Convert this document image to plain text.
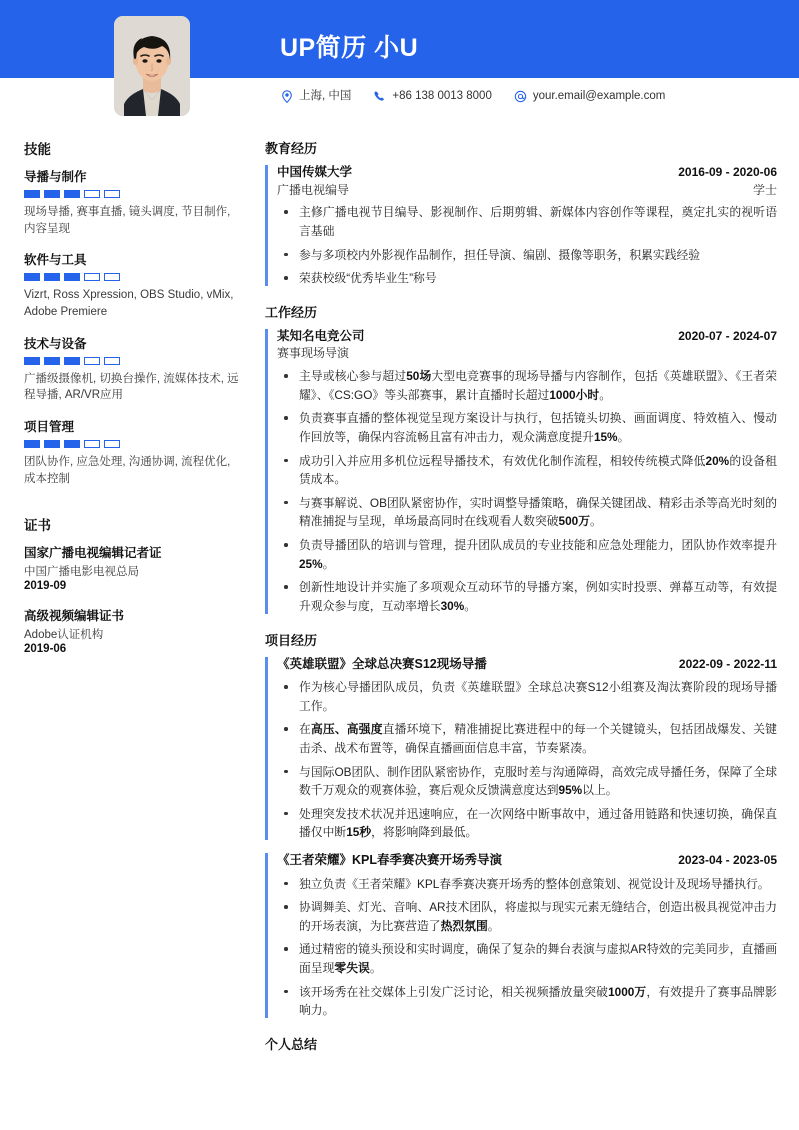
UP简历 小U
上海, 中国	+86 138 0013 8000	your.email@example.com
技能
导播与制作
现场导播, 赛事直播, 镜头调度, 节目制作, 内容呈现
软件与工具
Vizrt, Ross Xpression, OBS Studio, vMix, Adobe Premiere
技术与设备
广播级摄像机, 切换台操作, 流媒体技术, 远程导播, AR/VR应用
项目管理
团队协作, 应急处理, 沟通协调, 流程优化, 成本控制
证书
国家广播电视编辑记者证
中国广播电影电视总局
2019-09
高级视频编辑证书
Adobe认证机构
2019-06
教育经历
中国传媒大学	2016-09 - 2020-06
广播电视编导	学士
主修广播电视节目编导、影视制作、后期剪辑、新媒体内容创作等课程，奠定扎实的视听语言基础
参与多项校内外影视作品制作，担任导演、编剧、摄像等职务，积累实践经验
荣获校级“优秀毕业生”称号
工作经历
某知名电竞公司	2020-07 - 2024-07
赛事现场导演
主导或核心参与超过50场大型电竞赛事的现场导播与内容制作，包括《英雄联盟》、《王者荣耀》、《CS:GO》等头部赛事，累计直播时长超过1000小时。
负责赛事直播的整体视觉呈现方案设计与执行，包括镜头切换、画面调度、特效植入、慢动作回放等，确保内容流畅且富有冲击力，观众满意度提升15%。
成功引入并应用多机位远程导播技术，有效优化制作流程，相较传统模式降低20%的设备租赁成本。
与赛事解说、OB团队紧密协作，实时调整导播策略，确保关键团战、精彩击杀等高光时刻的精准捕捉与呈现，单场最高同时在线观看人数突破500万。
负责导播团队的培训与管理，提升团队成员的专业技能和应急处理能力，团队协作效率提升25%。
创新性地设计并实施了多项观众互动环节的导播方案，例如实时投票、弹幕互动等，有效提升观众参与度，互动率增长30%。
项目经历
《英雄联盟》全球总决赛S12现场导播	2022-09 - 2022-11
作为核心导播团队成员，负责《英雄联盟》全球总决赛S12小组赛及淘汰赛阶段的现场导播工作。
在高压、高强度直播环境下，精准捕捉比赛进程中的每一个关键镜头，包括团战爆发、关键击杀、战术布置等，确保直播画面信息丰富，节奏紧凑。
与国际OB团队、制作团队紧密协作，克服时差与沟通障碍，高效完成导播任务，保障了全球数千万观众的观赛体验，赛后观众反馈满意度达到95%以上。
处理突发技术状况并迅速响应，在一次网络中断事故中，通过备用链路和快速切换，确保直播仅中断15秒，将影响降到最低。
《王者荣耀》KPL春季赛决赛开场秀导演	2023-04 - 2023-05
独立负责《王者荣耀》KPL春季赛决赛开场秀的整体创意策划、视觉设计及现场导播执行。
协调舞美、灯光、音响、AR技术团队，将虚拟与现实元素无缝结合，创造出极具视觉冲击力的开场表演，为比赛营造了热烈氛围。
通过精密的镜头预设和实时调度，确保了复杂的舞台表演与虚拟AR特效的完美同步，直播画面呈现零失误。
该开场秀在社交媒体上引发广泛讨论，相关视频播放量突破1000万，有效提升了赛事品牌影响力。
个人总结
